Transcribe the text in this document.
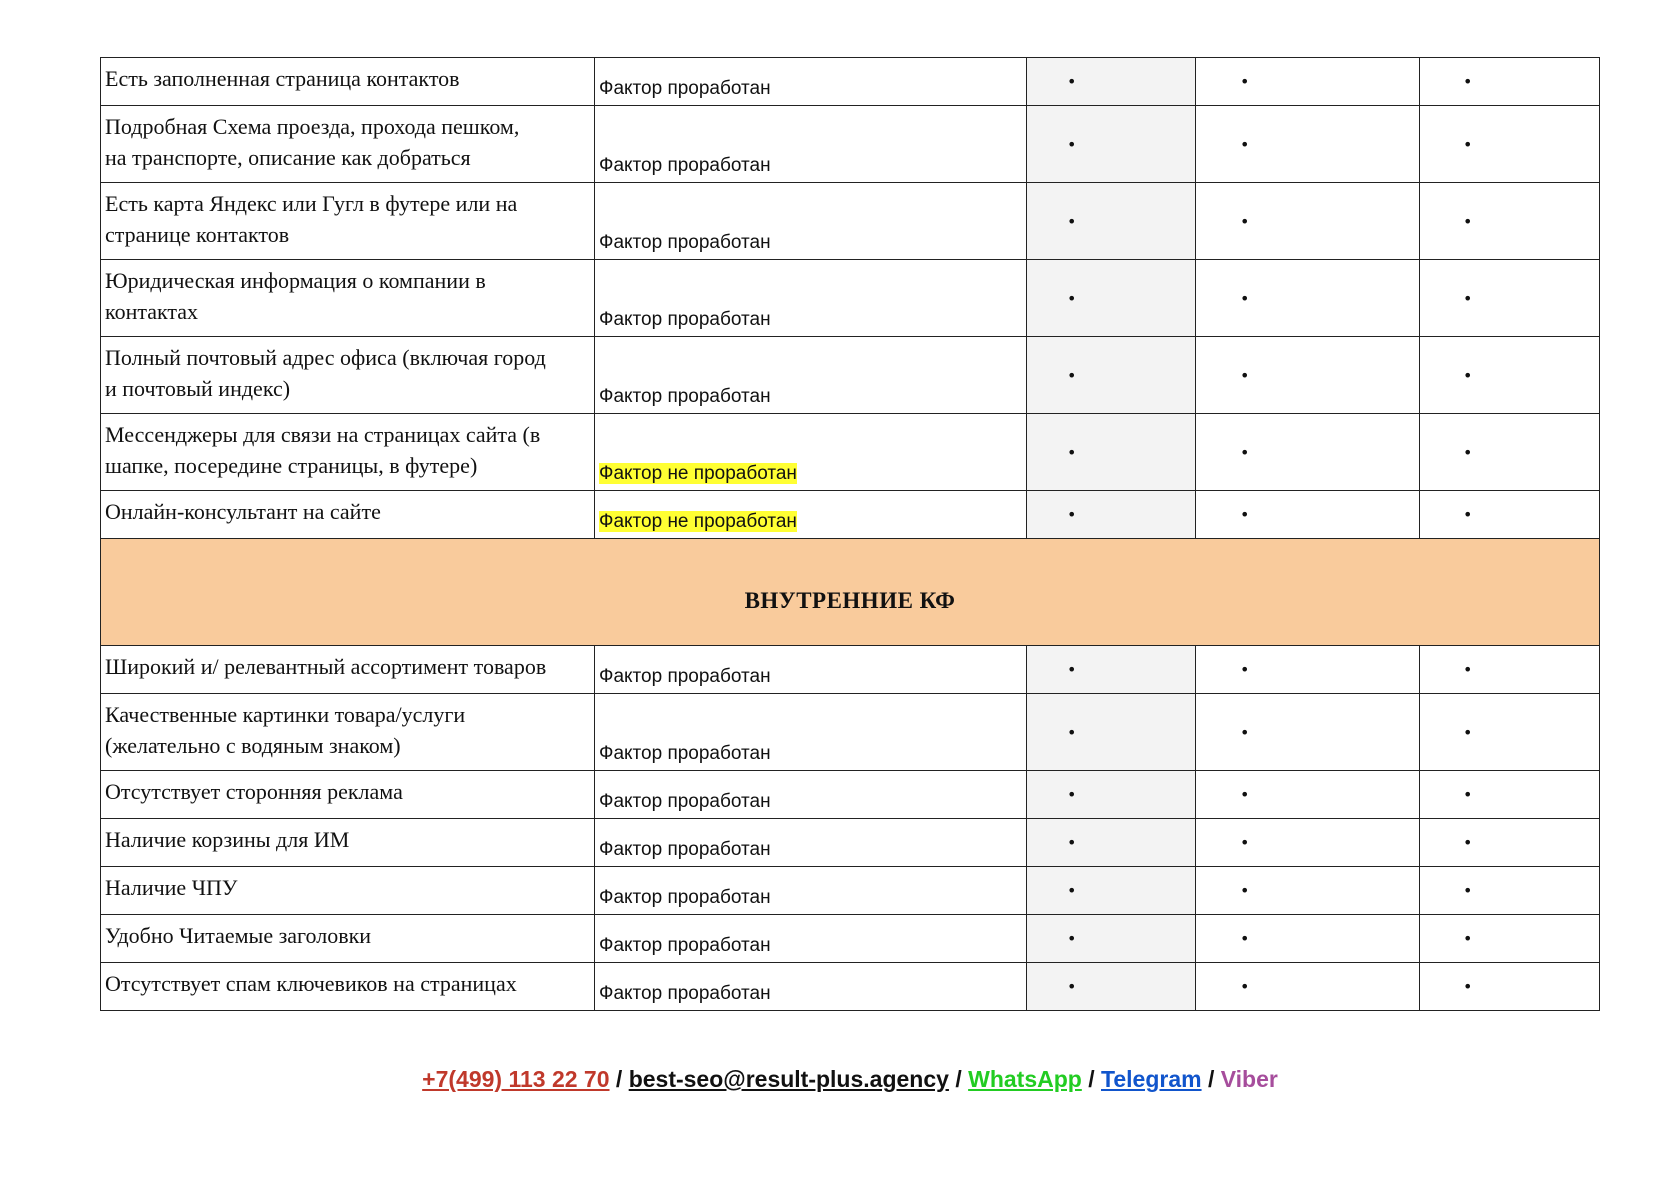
Есть заполненная страница контактов	Фактор проработан	•	•	•

Подробная Схема проезда, прохода пешком,
на транспорте, описание как добраться	Фактор проработан	•	•	•

Есть карта Яндекс или Гугл в футере или на
странице контактов	Фактор проработан	•	•	•

Юридическая информация о компании в
контактах	Фактор проработан	•	•	•

Полный почтовый адрес офиса (включая город
и почтовый индекс)	Фактор проработан	•	•	•

Мессенджеры для связи на страницах сайта (в
шапке, посередине страницы, в футере)	Фактор не проработан	•	•	•

Онлайн-консультант на сайте	Фактор не проработан	•	•	•
ВНУТРЕННИЕ КФ				

Широкий и/ релевантный ассортимент товаров	Фактор проработан	•	•	•

Качественные картинки товара/услуги
(желательно с водяным знаком)	Фактор проработан	•	•	•

Отсутствует сторонняя реклама	Фактор проработан	•	•	•

Наличие корзины для ИМ	Фактор проработан	•	•	•

Наличие ЧПУ	Фактор проработан	•	•	•

Удобно Читаемые заголовки	Фактор проработан	•	•	•

Отсутствует спам ключевиков на страницах	Фактор проработан	•	•	•
+7(499) 113 22 70 / best-seo@result-plus.agency / WhatsApp / Telegram / Viber
